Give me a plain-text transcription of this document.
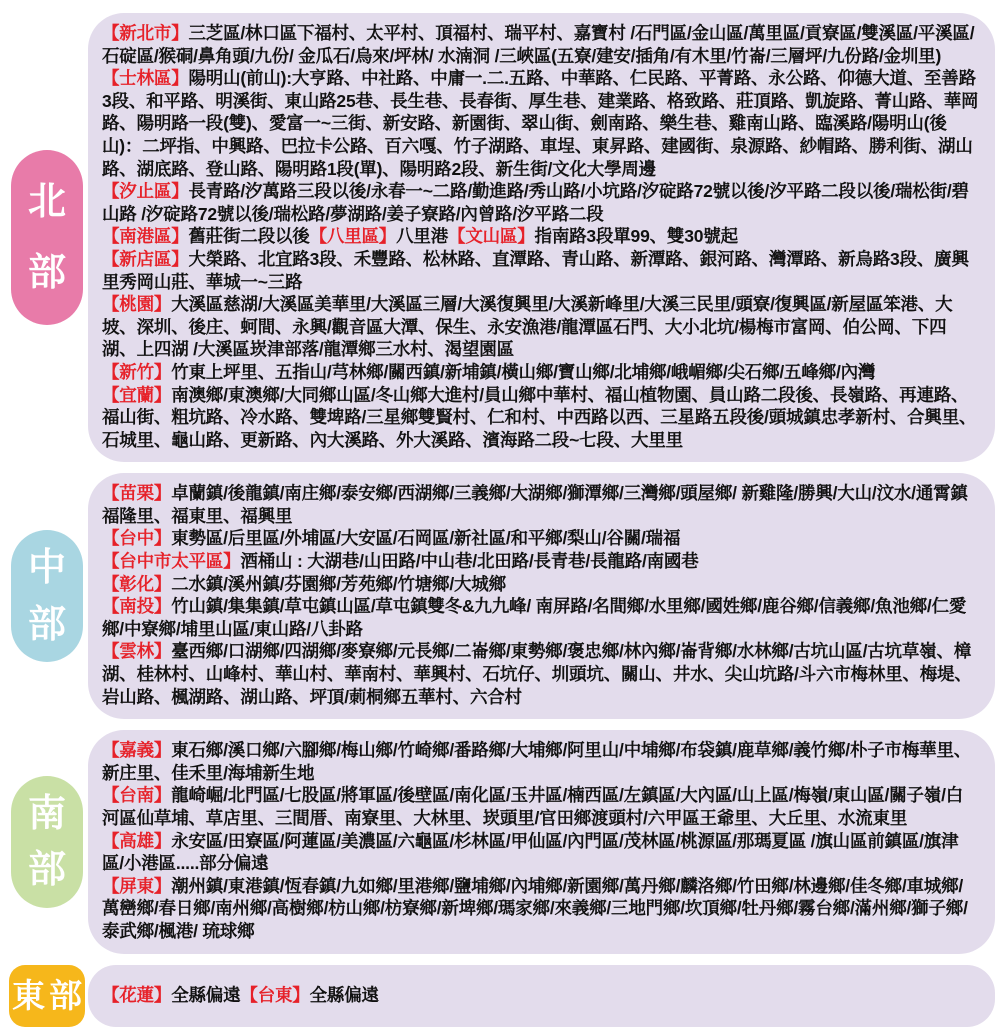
北
部

【新北市】三芝區/林口區下福村、太平村、頂福村、瑞平村、嘉寶村 /石門區/金山區/萬里區/貢寮區/雙溪區/平溪區/石碇區/猴硐/鼻角頭/九份/ 金瓜石/烏來/坪林/ 水湳洞 /三峽區(五寮/建安/插角/有木里/竹崙/三層坪/九份路/金圳里)

【士林區】陽明山(前山):大亨路、中社路、中庸一.二.五路、中華路、仁民路、平菁路、永公路、仰德大道、至善路3段、和平路、明溪街、東山路25巷、長生巷、長春街、厚生巷、建業路、格致路、莊頂路、凱旋路、菁山路、華岡路、陽明路一段(雙)、愛富一~三街、新安路、新園街、翠山街、劍南路、樂生巷、雞南山路、臨溪路/陽明山(後山)：二坪指、中興路、巴拉卡公路、百六嘎、竹子湖路、車埕、東昇路、建國街、泉源路、紗帽路、勝利街、湖山路、湖底路、登山路、陽明路1段(單)、陽明路2段、新生街/文化大學周邊

【汐止區】長青路/汐萬路三段以後/永春一~二路/勤進路/秀山路/小坑路/汐碇路72號以後/汐平路二段以後/瑞松街/碧山路 /汐碇路72號以後/瑞松路/夢湖路/姜子寮路/內曾路/汐平路二段

【南港區】舊莊街二段以後【八里區】八里港【文山區】指南路3段單99、雙30號起

【新店區】大榮路、北宜路3段、禾豐路、松林路、直潭路、青山路、新潭路、銀河路、灣潭路、新烏路3段、廣興里秀岡山莊、華城一~三路

【桃園】大溪區慈湖/大溪區美華里/大溪區三層/大溪復興里/大溪新峰里/大溪三民里/頭寮/復興區/新屋區笨港、大坡、深圳、後庄、蚵間、永興/觀音區大潭、保生、永安漁港/龍潭區石門、大小北坑/楊梅市富岡、伯公岡、下四湖、上四湖 /大溪區崁津部落/龍潭鄉三水村、渴望園區

【新竹】竹東上坪里、五指山/芎林鄉/關西鎮/新埔鎮/橫山鄉/寶山鄉/北埔鄉/峨嵋鄉/尖石鄉/五峰鄉/內灣

【宜蘭】南澳鄉/東澳鄉/大同鄉山區/冬山鄉大進村/員山鄉中華村、福山植物園、員山路二段後、長嶺路、再連路、福山街、粗坑路、冷水路、雙埤路/三星鄉雙賢村、仁和村、中西路以西、三星路五段後/頭城鎮忠孝新村、合興里、石城里、龜山路、更新路、內大溪路、外大溪路、濱海路二段~七段、大里里

中
部

【苗栗】卓蘭鎮/後龍鎮/南庄鄉/泰安鄉/西湖鄉/三義鄉/大湖鄉/獅潭鄉/三灣鄉/頭屋鄉/ 新雞隆/勝興/大山/汶水/通霄鎮福隆里、福東里、福興里

【台中】東勢區/后里區/外埔區/大安區/石岡區/新社區/和平鄉/梨山/谷關/瑞福

【台中市太平區】酒桶山 : 大湖巷/山田路/中山巷/北田路/長青巷/長龍路/南國巷

【彰化】二水鎮/溪州鎮/芬園鄉/芳苑鄉/竹塘鄉/大城鄉

【南投】竹山鎮/集集鎮/草屯鎮山區/草屯鎮雙冬&九九峰/ 南屏路/名間鄉/水里鄉/國姓鄉/鹿谷鄉/信義鄉/魚池鄉/仁愛鄉/中寮鄉/埔里山區/東山路/八卦路

【雲林】臺西鄉/口湖鄉/四湖鄉/麥寮鄉/元長鄉/二崙鄉/東勢鄉/褒忠鄉/林內鄉/崙背鄉/水林鄉/古坑山區/古坑草嶺、樟湖、桂林村、山峰村、華山村、華南村、華興村、石坑仔、圳頭坑、關山、井水、尖山坑路/斗六市梅林里、梅堤、岩山路、楓湖路、湖山路、坪頂/莿桐鄉五華村、六合村

南
部

【嘉義】東石鄉/溪口鄉/六腳鄉/梅山鄉/竹崎鄉/番路鄉/大埔鄉/阿里山/中埔鄉/布袋鎮/鹿草鄉/義竹鄉/朴子市梅華里、新庄里、佳禾里/海埔新生地

【台南】龍崎崛/北門區/七股區/將軍區/後壁區/南化區/玉井區/楠西區/左鎮區/大內區/山上區/梅嶺/東山區/關子嶺/白河區仙草埔、草店里、三間厝、南寮里、大林里、崁頭里/官田鄉渡頭村/六甲區王爺里、大丘里、水流東里

【高雄】永安區/田寮區/阿蓮區/美濃區/六龜區/杉林區/甲仙區/內門區/茂林區/桃源區/那瑪夏區 /旗山區前鎮區/旗津區/小港區.....部分偏遠

【屏東】潮州鎮/東港鎮/恆春鎮/九如鄉/里港鄉/鹽埔鄉/內埔鄉/新園鄉/萬丹鄉/麟洛鄉/竹田鄉/林邊鄉/佳冬鄉/車城鄉/萬巒鄉/春日鄉/南州鄉/高樹鄉/枋山鄉/枋寮鄉/新埤鄉/瑪家鄉/來義鄉/三地門鄉/坎頂鄉/牡丹鄉/霧台鄉/滿州鄉/獅子鄉/泰武鄉/楓港/ 琉球鄉

東 部 【花蓮】全縣偏遠【台東】全縣偏遠
